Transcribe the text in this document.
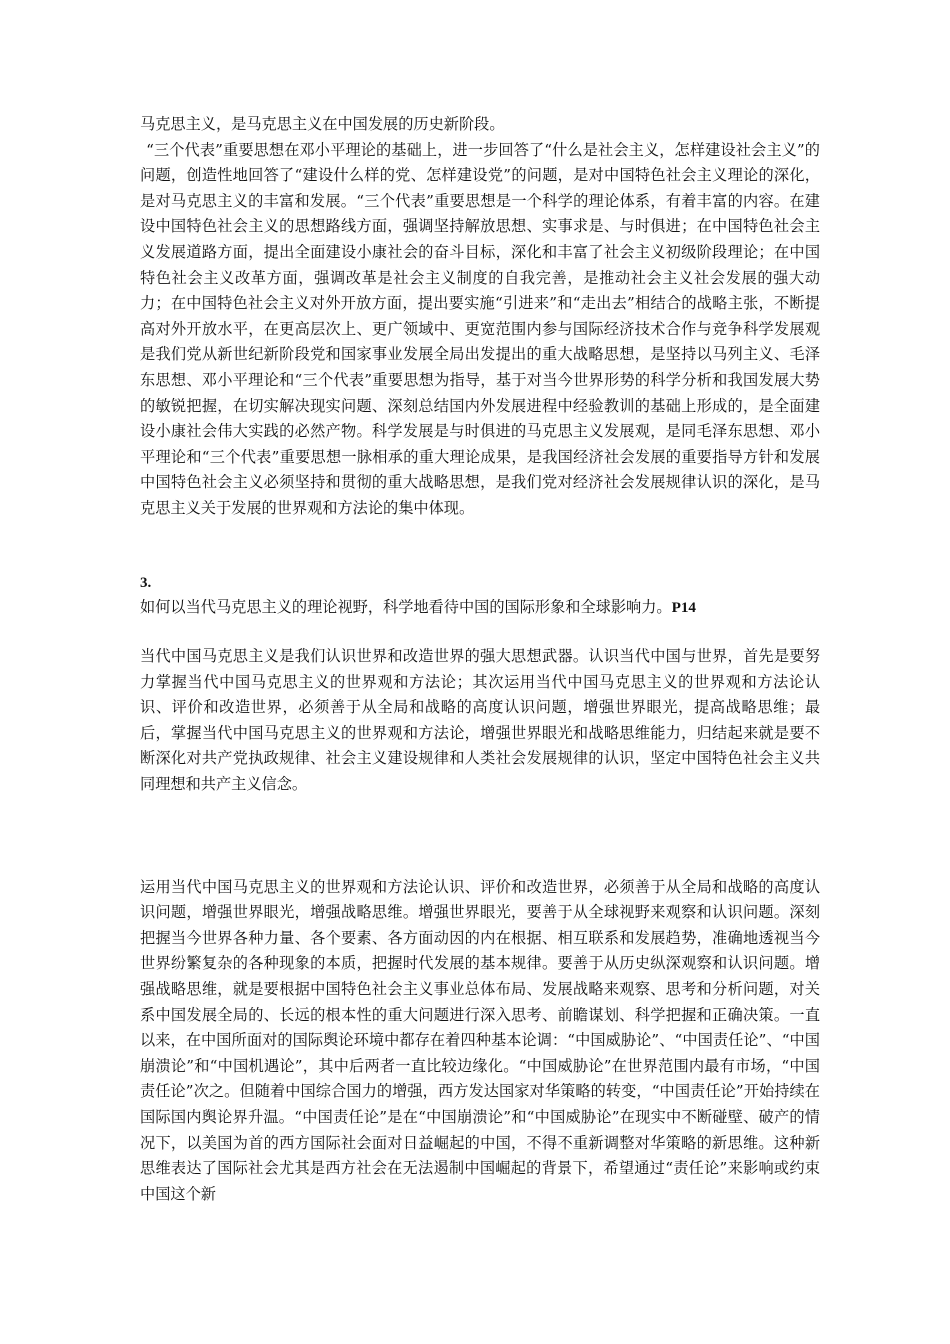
马克思主义，是马克思主义在中国发展的历史新阶段。

“三个代表”重要思想在邓小平理论的基础上，进一步回答了“什么是社会主义，怎样建设社会主义”的问题，创造性地回答了“建设什么样的党、怎样建设党”的问题，是对中国特色社会主义理论的深化，是对马克思主义的丰富和发展。“三个代表”重要思想是一个科学的理论体系，有着丰富的内容。在建设中国特色社会主义的思想路线方面，强调坚持解放思想、实事求是、与时俱进；在中国特色社会主义发展道路方面，提出全面建设小康社会的奋斗目标，深化和丰富了社会主义初级阶段理论；在中国特色社会主义改革方面，强调改革是社会主义制度的自我完善，是推动社会主义社会发展的强大动力；在中国特色社会主义对外开放方面，提出要实施“引进来”和“走出去”相结合的战略主张，不断提高对外开放水平，在更高层次上、更广领域中、更宽范围内参与国际经济技术合作与竞争科学发展观是我们党从新世纪新阶段党和国家事业发展全局出发提出的重大战略思想，是坚持以马列主义、毛泽东思想、邓小平理论和“三个代表”重要思想为指导，基于对当今世界形势的科学分析和我国发展大势的敏锐把握，在切实解决现实问题、深刻总结国内外发展进程中经验教训的基础上形成的，是全面建设小康社会伟大实践的必然产物。科学发展是与时俱进的马克思主义发展观，是同毛泽东思想、邓小平理论和“三个代表”重要思想一脉相承的重大理论成果，是我国经济社会发展的重要指导方针和发展中国特色社会主义必须坚持和贯彻的重大战略思想，是我们党对经济社会发展规律认识的深化，是马克思主义关于发展的世界观和方法论的集中体现。

3.

如何以当代马克思主义的理论视野，科学地看待中国的国际形象和全球影响力。P14

当代中国马克思主义是我们认识世界和改造世界的强大思想武器。认识当代中国与世界，首先是要努力掌握当代中国马克思主义的世界观和方法论；其次运用当代中国马克思主义的世界观和方法论认识、评价和改造世界，必须善于从全局和战略的高度认识问题，增强世界眼光，提高战略思维；最后，掌握当代中国马克思主义的世界观和方法论，增强世界眼光和战略思维能力，归结起来就是要不断深化对共产党执政规律、社会主义建设规律和人类社会发展规律的认识，坚定中国特色社会主义共同理想和共产主义信念。

运用当代中国马克思主义的世界观和方法论认识、评价和改造世界，必须善于从全局和战略的高度认识问题，增强世界眼光，增强战略思维。增强世界眼光，要善于从全球视野来观察和认识问题。深刻把握当今世界各种力量、各个要素、各方面动因的内在根据、相互联系和发展趋势，准确地透视当今世界纷繁复杂的各种现象的本质，把握时代发展的基本规律。要善于从历史纵深观察和认识问题。增强战略思维，就是要根据中国特色社会主义事业总体布局、发展战略来观察、思考和分析问题，对关系中国发展全局的、长远的根本性的重大问题进行深入思考、前瞻谋划、科学把握和正确决策。一直以来，在中国所面对的国际舆论环境中都存在着四种基本论调：“中国威胁论”、“中国责任论”、“中国崩溃论”和“中国机遇论”，其中后两者一直比较边缘化。“中国威胁论”在世界范围内最有市场，“中国责任论”次之。但随着中国综合国力的增强，西方发达国家对华策略的转变，“中国责任论”开始持续在国际国内舆论界升温。“中国责任论”是在“中国崩溃论”和“中国威胁论”在现实中不断碰壁、破产的情况下，以美国为首的西方国际社会面对日益崛起的中国，不得不重新调整对华策略的新思维。这种新思维表达了国际社会尤其是西方社会在无法遏制中国崛起的背景下，希望通过“责任论”来影响或约束中国这个新
